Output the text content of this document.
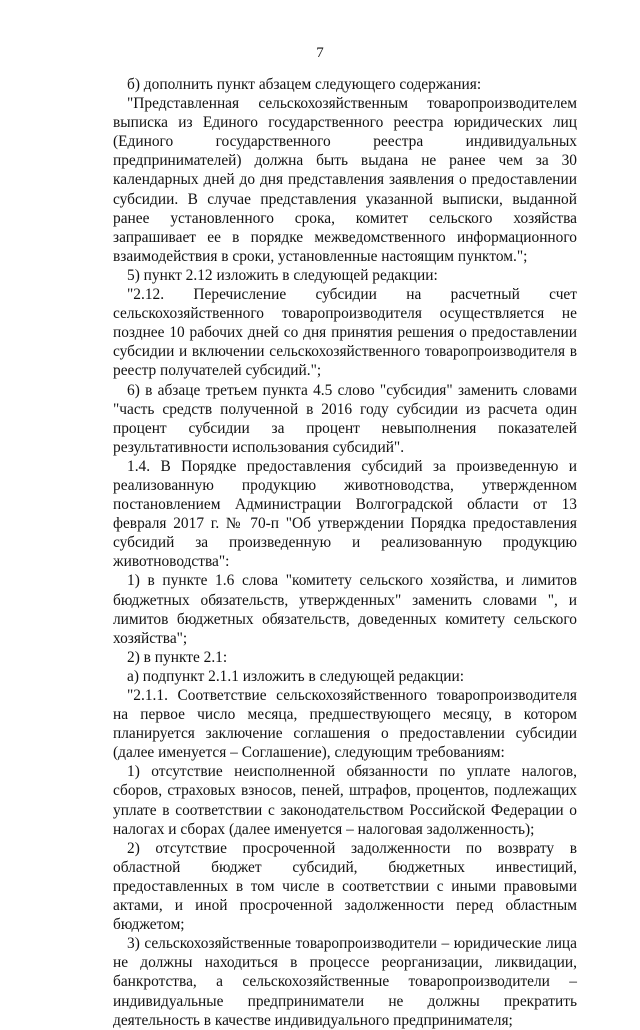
7

б) дополнить пункт абзацем следующего содержания:

"Представленная сельскохозяйственным товаропроизводителем выписка из Единого государственного реестра юридических лиц (Единого государственного реестра индивидуальных предпринимателей) должна быть выдана не ранее чем за 30 календарных дней до дня представления заявления о предоставлении субсидии. В случае представления указанной выписки, выданной ранее установленного срока, комитет сельского хозяйства запрашивает ее в порядке межведомственного информационного взаимодействия в сроки, установленные настоящим пунктом.";

5) пункт 2.12 изложить в следующей редакции:

"2.12. Перечисление субсидии на расчетный счет сельскохозяйственного товаропроизводителя осуществляется не позднее 10 рабочих дней со дня принятия решения о предоставлении субсидии и включении сельскохозяйственного товаропроизводителя в реестр получателей субсидий.";

6) в абзаце третьем пункта 4.5 слово "субсидия" заменить словами "часть средств полученной в 2016 году субсидии из расчета один процент субсидии за процент невыполнения показателей результативности использования субсидий".

1.4. В Порядке предоставления субсидий за произведенную и реализованную продукцию животноводства, утвержденном постановлением Администрации Волгоградской области от 13 февраля 2017 г. № 70-п "Об утверждении Порядка предоставления субсидий за произведенную и реализованную продукцию животноводства":

1) в пункте 1.6 слова "комитету сельского хозяйства, и лимитов бюджетных обязательств, утвержденных" заменить словами ", и лимитов бюджетных обязательств, доведенных комитету сельского хозяйства";

2) в пункте 2.1:

а) подпункт 2.1.1 изложить в следующей редакции:

"2.1.1. Соответствие сельскохозяйственного товаропроизводителя на первое число месяца, предшествующего месяцу, в котором планируется заключение соглашения о предоставлении субсидии (далее именуется – Соглашение), следующим требованиям:

1) отсутствие неисполненной обязанности по уплате налогов, сборов, страховых взносов, пеней, штрафов, процентов, подлежащих уплате в соответствии с законодательством Российской Федерации о налогах и сборах (далее именуется – налоговая задолженность);

2) отсутствие просроченной задолженности по возврату в областной бюджет субсидий, бюджетных инвестиций, предоставленных в том числе в соответствии с иными правовыми актами, и иной просроченной задолженности перед областным бюджетом;

3) сельскохозяйственные товаропроизводители – юридические лица не должны находиться в процессе реорганизации, ликвидации, банкротства, а сельскохозяйственные товаропроизводители – индивидуальные предприниматели не должны прекратить деятельность в качестве индивидуального предпринимателя;
